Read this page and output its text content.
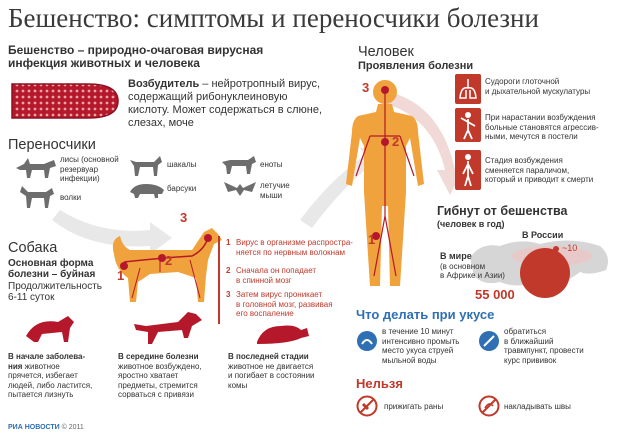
Бешенство: симптомы и переносчики болезни
Бешенство – природно-очаговая вирусная
инфекция животных и человека
Возбудитель – нейротропный вирус,
содержащий рибонуклеиновую
кислоту. Может содержаться в слюне,
слезах, моче
Переносчики
лисы (основной
резервуар
инфекции)
волки
шакалы
барсуки
еноты
летучие
мыши
Собака
Основная форма
болезни – буйная
Продолжительность
6-11 суток
1
2
3
1 Вирус в организме распростра-
няется по нервным волокнам
2 Сначала он попадает
в спинной мозг
3 Затем вирус проникает
в головной мозг, развивая
его воспаление
В начале заболева-
ния животное
прячется, избегает
людей, либо ластится,
пытается лизнуть
В середине болезни
животное возбуждено,
яростно хватает
предметы, стремится
сорваться с привязи
В последней стадии
животное не двигается
и погибает в состоянии
комы
Человек
Проявления болезни
3
2
1
Судороги глоточной
и дыхательной мускулатуры
При нарастании возбуждения
больные становятся агрессив-
ными, мечутся в постели
Стадия возбуждения
сменяется параличом,
который и приводит к смерти
Гибнут от бешенства
(человек в год)
В России
~10
В мире
(в основном
в Африке и Азии)
55 000
Что делать при укусе
в течение 10 минут
интенсивно промыть
место укуса струей
мыльной воды
обратиться
в ближайший
травмпункт, провести
курс прививок
Нельзя
прижигать раны	накладывать швы
РИА НОВОСТИ © 2011
